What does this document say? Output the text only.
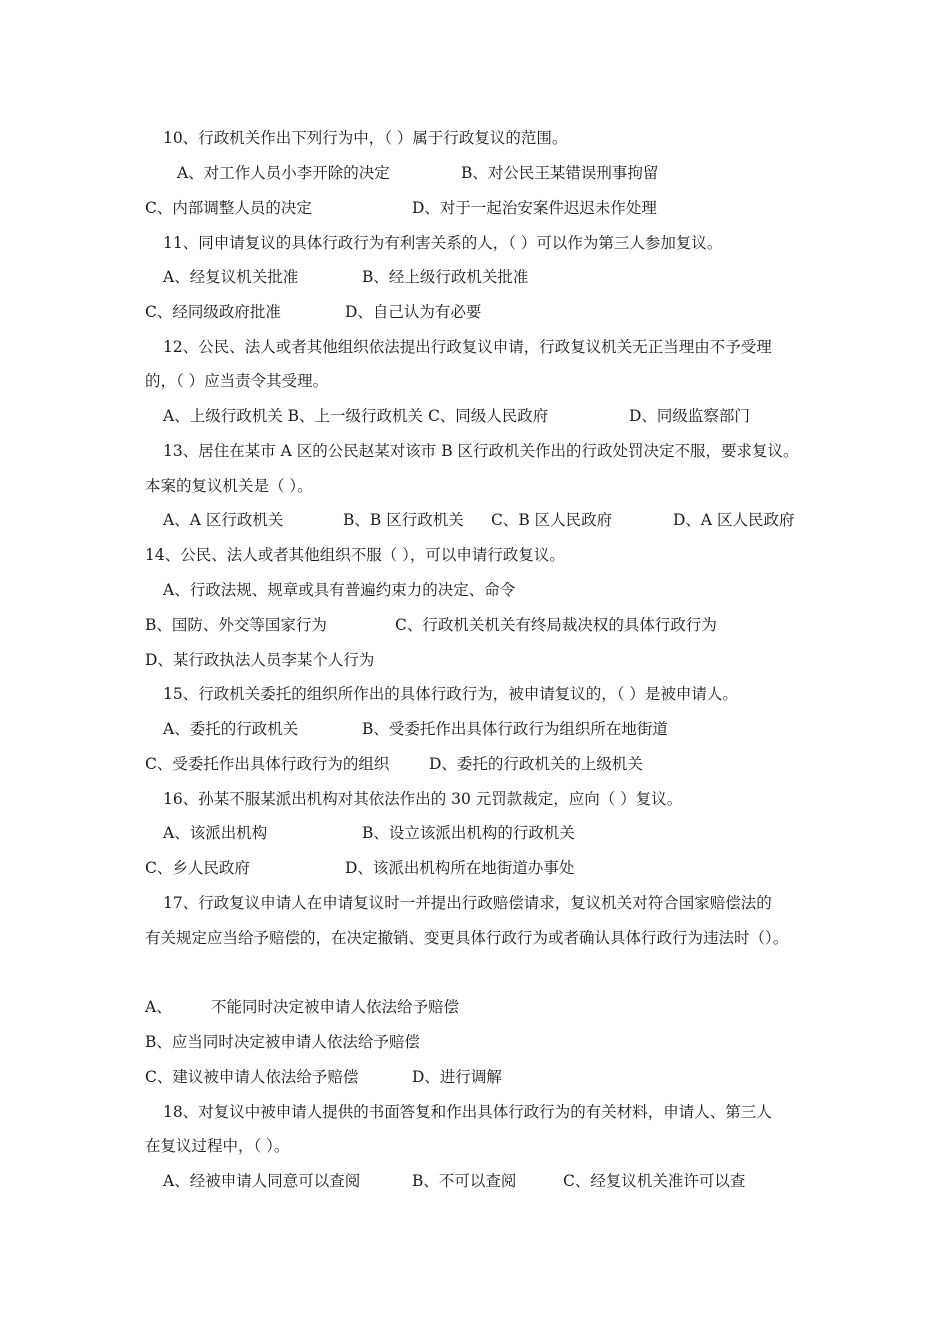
10、行政机关作出下列行为中，（ ）属于行政复议的范围。
A、对工作人员小李开除的决定	B、对公民王某错误刑事拘留
C、内部调整人员的决定	D、对于一起治安案件迟迟未作处理
11、同申请复议的具体行政行为有利害关系的人，（ ）可以作为第三人参加复议。
A、经复议机关批准	B、经上级行政机关批准
C、经同级政府批准	D、自己认为有必要
12、公民、法人或者其他组织依法提出行政复议申请，行政复议机关无正当理由不予受理
的，（ ）应当责令其受理。
A、上级行政机关 B、上一级行政机关 C、同级人民政府	D、同级监察部门
13、居住在某市 A 区的公民赵某对该市 B 区行政机关作出的行政处罚决定不服，要求复议。
本案的复议机关是（ ）。
A、A 区行政机关	B、B 区行政机关 C、B 区人民政府	D、A 区人民政府
14、公民、法人或者其他组织不服（ ），可以申请行政复议。
A、行政法规、规章或具有普遍约束力的决定、命令
B、国防、外交等国家行为	C、行政机关机关有终局裁决权的具体行政行为
D、某行政执法人员李某个人行为
15、行政机关委托的组织所作出的具体行政行为，被申请复议的，（ ）是被申请人。
A、委托的行政机关	B、受委托作出具体行政行为组织所在地街道
C、受委托作出具体行政行为的组织	D、委托的行政机关的上级机关
16、孙某不服某派出机构对其依法作出的 30 元罚款裁定，应向（ ）复议。
A、该派出机构	B、设立该派出机构的行政机关
C、乡人民政府	D、该派出机构所在地街道办事处
17、行政复议申请人在申请复议时一并提出行政赔偿请求，复议机关对符合国家赔偿法的
有关规定应当给予赔偿的，在决定撤销、变更具体行政行为或者确认具体行政行为违法时（）。
A、	不能同时决定被申请人依法给予赔偿
B、应当同时决定被申请人依法给予赔偿
C、建议被申请人依法给予赔偿	D、进行调解
18、对复议中被申请人提供的书面答复和作出具体行政行为的有关材料，申请人、第三人
在复议过程中，（ ）。
A、经被申请人同意可以查阅	B、不可以查阅	C、经复议机关准许可以查
